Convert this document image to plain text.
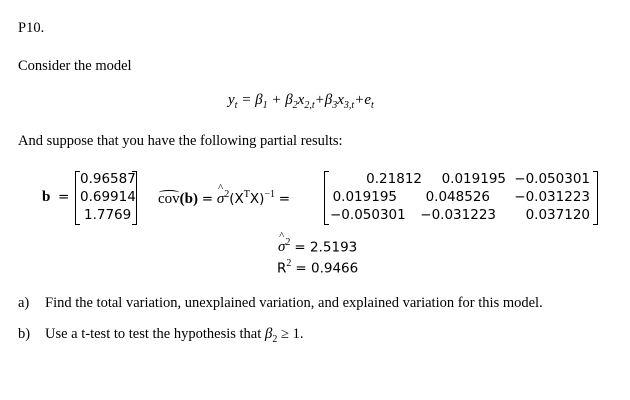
P10.
Consider the model
$y_t = \beta_1 + \beta_2x_{2,t}+\beta_3x_{3,t}+e_t$
And suppose that you have the following partial results:
b =
0.96587
0.69914
1.7769
cov(b) = ^ $\sigma^2(X^TX)^{-1}$ =
0.21812	0.019195 −0.050301
0.019195	0.048526	−0.031223
−0.050301	−0.031223	0.037120
^ $\sigma^2 = 2.5193$
$R^2 = 0.9466$
a) Find the total variation, unexplained variation, and explained variation for this model.
b) Use a t-test to test the hypothesis that $\beta_2 \ge 1$.
